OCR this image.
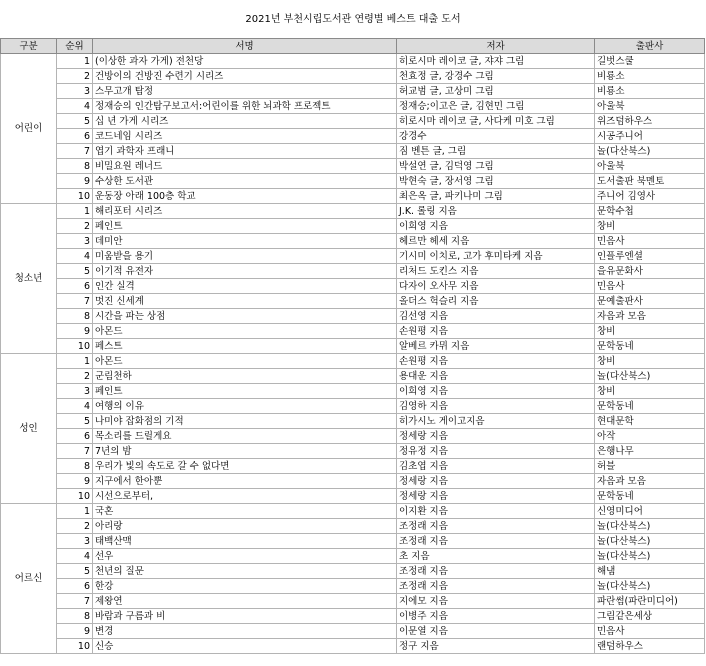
2021년 부천시립도서관 연령별 베스트 대출 도서
구분	순위	서명	저자	출판사
어린이	1	(이상한 과자 가게) 전천당	히로시마 레이코 글, 쟈쟈 그림	길벗스쿨
	2	건방이의 건방진 수련기 시리즈	천효정 글, 강경수 그림	비룡소
	3	스무고개 탐정	허교범 글, 고상미 그림	비룡소
	4	정재승의 인간탐구보고서:어린이를 위한 뇌과학 프로젝트	정재승;이고은 글, 김현민 그림	아울북
	5	십 년 가게 시리즈	히로시마 레이코 글, 사다케 미호 그림	위즈덤하우스
	6	코드네임 시리즈	강경수	시공주니어
	7	엽기 과학자 프래니	짐 벤튼 글, 그림	놀(다산북스)
	8	비밀요원 레너드	박설연 글, 김덕영 그림	아울북
	9	수상한 도서관	박현숙 글, 장서영 그림	도서출판 북멘토
	10	운동장 아래 100층 학교	최은옥 글, 파키나미 그림	주니어 김영사
청소년	1	해리포터 시리즈	J.K. 롤링 지음	문학수첩
	2	페인트	이희영 지음	창비
	3	데미안	헤르만 헤세 지음	민음사
	4	미움받을 용기	기시미 이치로, 고가 후미타케 지음	인플루엔셜
	5	이기적 유전자	리처드 도킨스 지음	을유문화사
	6	인간 실격	다자이 오사무 지음	민음사
	7	멋진 신세계	올더스 헉슬리 지음	문예출판사
	8	시간을 파는 상점	김선영 지음	자음과 모음
	9	아몬드	손원평 지음	창비
	10	페스트	알베르 카뮈 지음	문학동네
성인	1	아몬드	손원평 지음	창비
	2	군림천하	용대운 지음	놀(다산북스)
	3	페인트	이희영 지음	창비
	4	여행의 이유	김영하 지음	문학동네
	5	나미야 잡화점의 기적	히가시노 게이고지음	현대문학
	6	목소리를 드릴게요	정세랑 지음	아작
	7	7년의 밤	정유정 지음	은행나무
	8	우리가 빛의 속도로 갈 수 없다면	김초엽 지음	허블
	9	지구에서 한아뿐	정세랑 지음	자음과 모음
	10	시선으로부터,	정세랑 지음	문학동네
어르신	1	국혼	이지환 지음	신영미디어
	2	아리랑	조정래 지음	놀(다산북스)
	3	태백산맥	조정래 지음	놀(다산북스)
	4	선우	초 지음	놀(다산북스)
	5	천년의 질문	조정래 지음	해냄
	6	한강	조정래 지음	놀(다산북스)
	7	제왕연	지에모 지음	파란썸(파란미디어)
	8	바람과 구름과 비	이병주 지음	그림같은세상
	9	변경	이문열 지음	민음사
	10	신승	정구 지음	랜덤하우스
